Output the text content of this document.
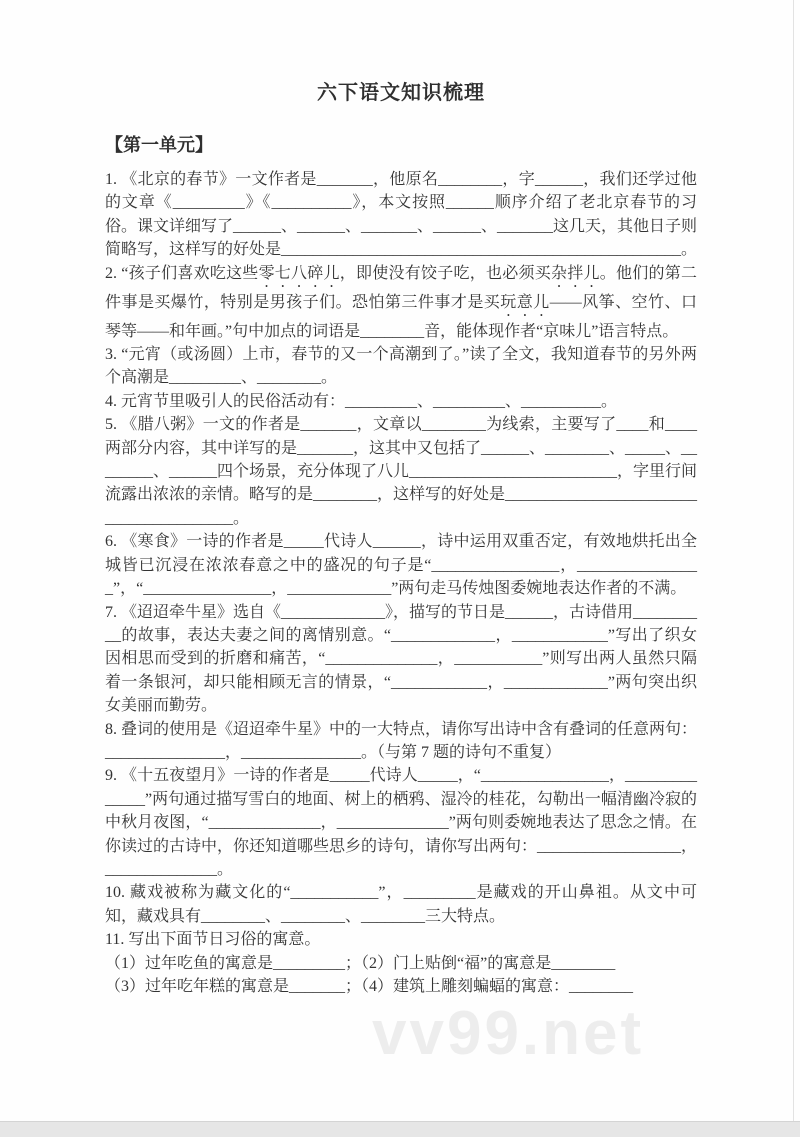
六下语文知识梳理
【第一单元】

1. 《北京的春节》一文作者是_______，他原名________，字______，我们还学过他的文章《_________》《__________》，本文按照______顺序介绍了老北京春节的习俗。课文详细写了______、______、_______、______、_______这几天，其他日子则简略写，这样写的好处是__________________________________________________。

2. “孩子们喜欢吃这些零七八碎儿，即使没有饺子吃，也必须买杂拌儿。他们的第二件事是买爆竹，特别是男孩子们。恐怕第三件事才是买玩意儿——风筝、空竹、口琴等——和年画。”句中加点的词语是________音，能体现作者“京味儿”语言特点。

3. “元宵（或汤圆）上市，春节的又一个高潮到了。”读了全文，我知道春节的另外两个高潮是_________、________。

4. 元宵节里吸引人的民俗活动有：_________、_________、__________。

5. 《腊八粥》一文的作者是_______，文章以________为线索，主要写了____和____两部分内容，其中详写的是_______，这其中又包括了______、________、_____、________、______四个场景，充分体现了八儿__________________________，字里行间流露出浓浓的亲情。略写的是________，这样写的好处是________________________________________。

6. 《寒食》一诗的作者是_____代诗人______，诗中运用双重否定，有效地烘托出全城皆已沉浸在浓浓春意之中的盛况的句子是“________________，________________”，“________________，_____________”两句走马传烛图委婉地表达作者的不满。

7. 《迢迢牵牛星》选自《_____________》，描写的节日是______，古诗借用__________的故事，表达夫妻之间的离情别意。“_____________，____________”写出了织女因相思而受到的折磨和痛苦，“______________，___________”则写出两人虽然只隔着一条银河，却只能相顾无言的情景，“____________，_____________”两句突出织女美丽而勤劳。

8. 叠词的使用是《迢迢牵牛星》中的一大特点，请你写出诗中含有叠词的任意两句：_______________，_______________。（与第 7 题的诗句不重复）

9. 《十五夜望月》一诗的作者是_____代诗人_____，“________________，______________”两句通过描写雪白的地面、树上的栖鸦、湿冷的桂花，勾勒出一幅清幽冷寂的中秋月夜图，“______________，______________”两句则委婉地表达了思念之情。在你读过的古诗中，你还知道哪些思乡的诗句，请你写出两句：__________________，______________。

10. 藏戏被称为藏文化的“___________”，_________是藏戏的开山鼻祖。从文中可知，藏戏具有________、________、________三大特点。

11. 写出下面节日习俗的寓意。

（1）过年吃鱼的寓意是_________；（2）门上贴倒“福”的寓意是________

（3）过年吃年糕的寓意是_______；（4）建筑上雕刻蝙蝠的寓意：________

vv99.net
